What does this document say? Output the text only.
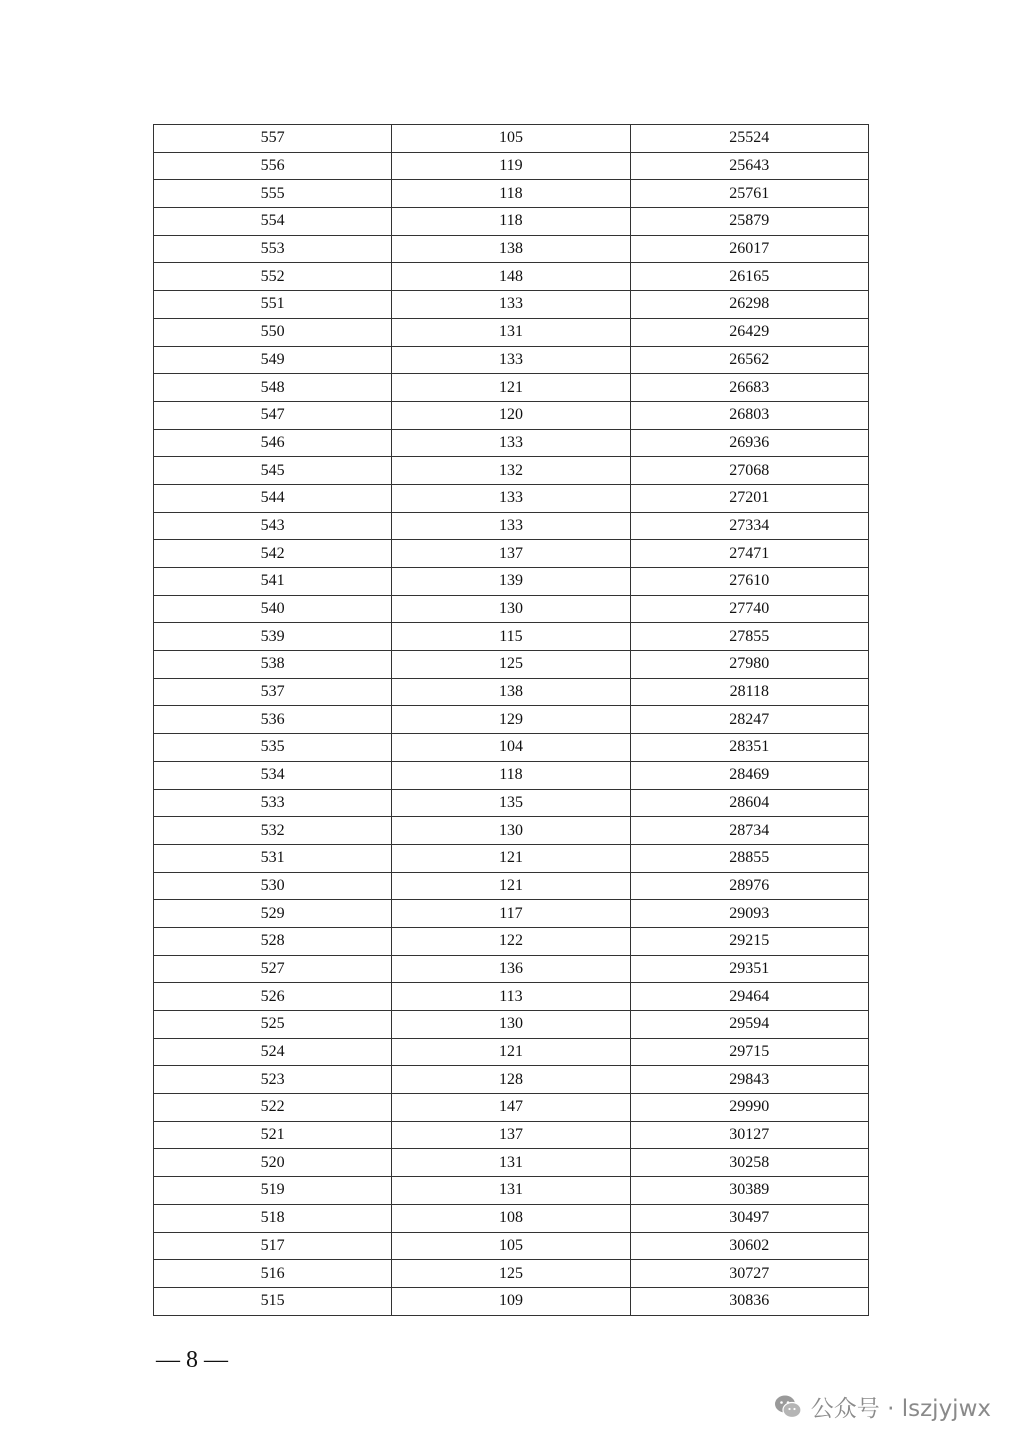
557	105	25524
556	119	25643
555	118	25761
554	118	25879
553	138	26017
552	148	26165
551	133	26298
550	131	26429
549	133	26562
548	121	26683
547	120	26803
546	133	26936
545	132	27068
544	133	27201
543	133	27334
542	137	27471
541	139	27610
540	130	27740
539	115	27855
538	125	27980
537	138	28118
536	129	28247
535	104	28351
534	118	28469
533	135	28604
532	130	28734
531	121	28855
530	121	28976
529	117	29093
528	122	29215
527	136	29351
526	113	29464
525	130	29594
524	121	29715
523	128	29843
522	147	29990
521	137	30127
520	131	30258
519	131	30389
518	108	30497
517	105	30602
516	125	30727
515	109	30836
— 8 —
公众号 · lszjyjwx
